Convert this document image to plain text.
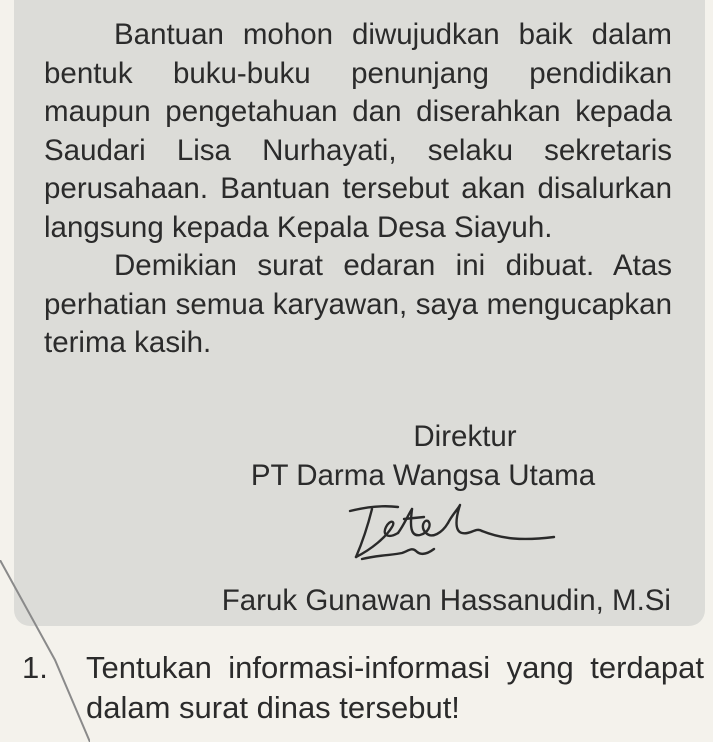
Bantuan mohon diwujudkan baik dalam bentuk buku-buku penunjang pendidikan maupun pengetahuan dan diserahkan kepada Saudari Lisa Nurhayati, selaku sekretaris perusahaan. Bantuan tersebut akan disalurkan langsung kepada Kepala Desa Siayuh.

Demikian surat edaran ini dibuat. Atas perhatian semua karyawan, saya mengucapkan terima kasih.

Direktur
PT Darma Wangsa Utama
Faruk Gunawan Hassanudin, M.Si
1. Tentukan informasi-informasi yang terdapat dalam surat dinas tersebut!
